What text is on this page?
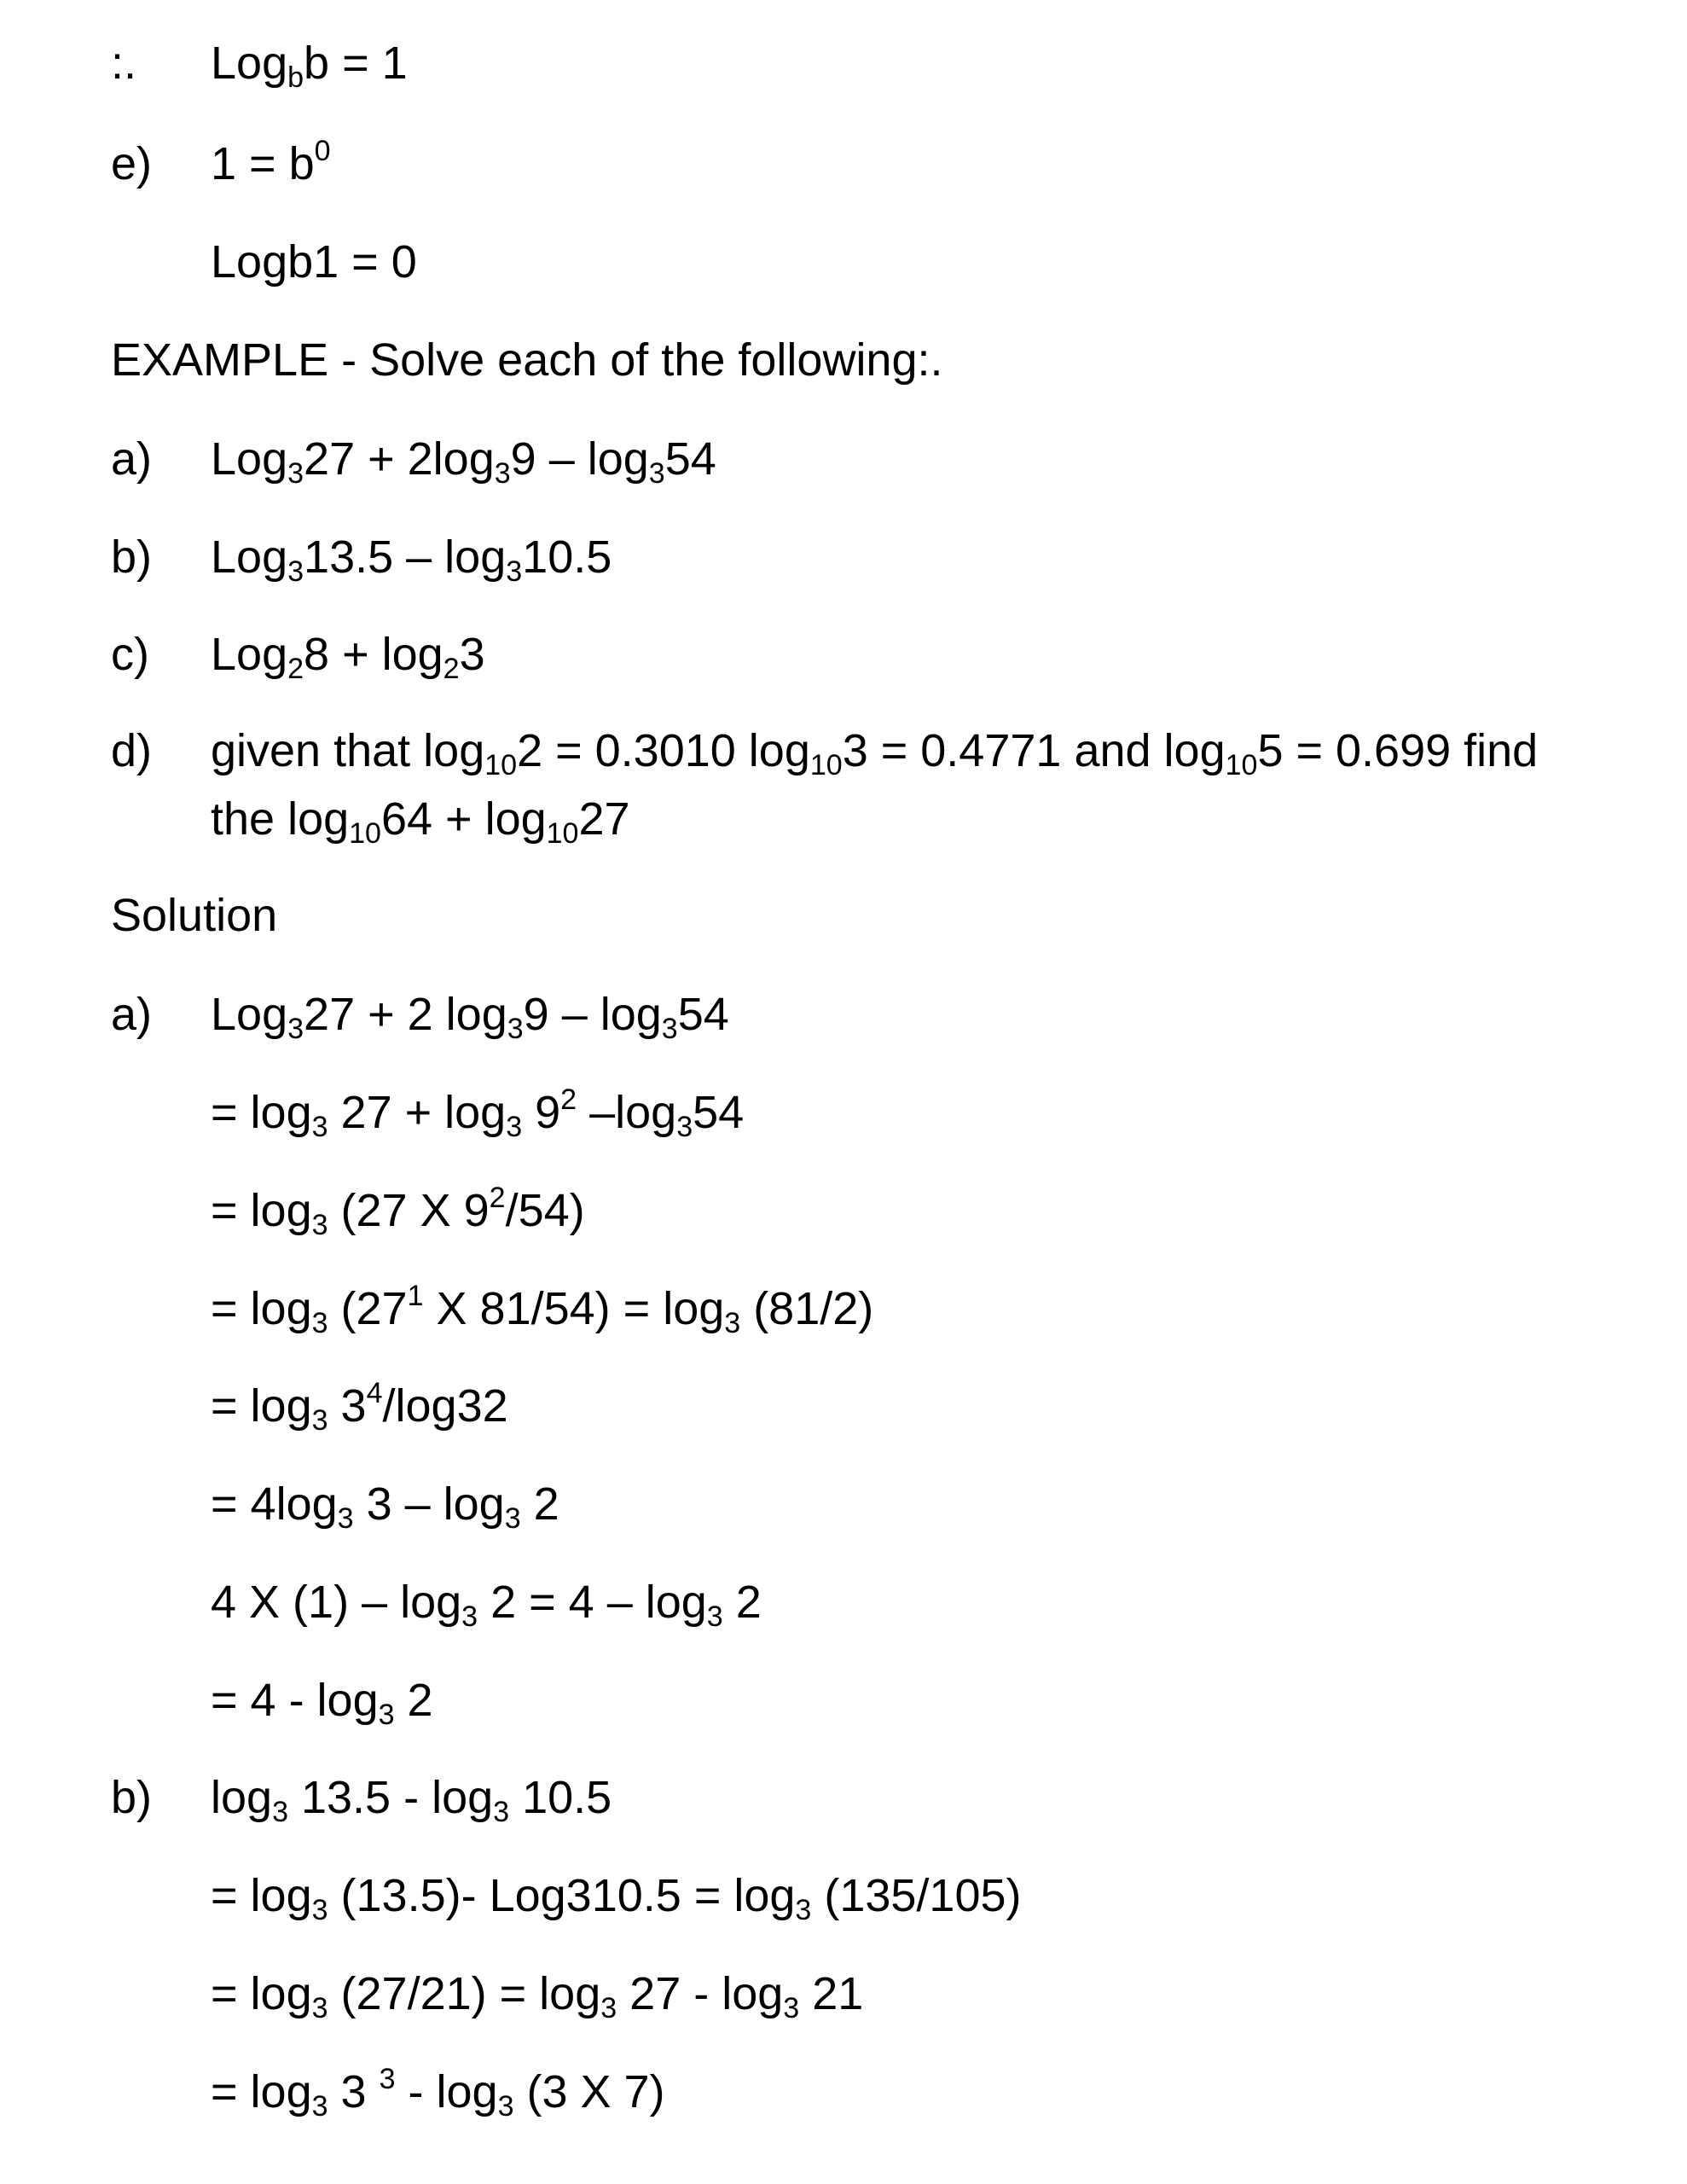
:. Log$_b$b = 1
e) $1 = b^0$
Logb1 = 0
EXAMPLE - Solve each of the following:.
a) $Log_327 + 2\log_39 - \log_354$
b) $Log_313.5 - \log_310.5$
c) $Log_28 + \log_23$
d) given that $\log_{10}2 = 0.3010$ $\log_{10}3 = 0.4771$ and $\log_{10}5 = 0.699$ find the $\log_{10}64 + \log_{10}27$
Solution
a) Log$_3$27 + 2 $\log_39 - \log_354$
= $\log_3 27 + \log_3 9^2$ $-\log_354$
= $\log_3 (27$ X $9^2/54$)
= $\log_3 (27^1$ X $81/54) = \log_3 (81/2)$
= $\log_3 3^4/\log 32$
= $4\log_3$ $3 - \log_3 2$
4 X $(1) - \log_3 2 = 4 - \log_3 2$
= $4 - \log_3 2$
b) $\log_3 13.5 - \log_3 10.5$
= $\log_3 (13.5)-$ $Log310.5 = \log_3 (135/105)$
= $\log_3 (27/21) = \log_3 27 - \log_3 21$
= $\log_3 3$ $^3 - \log_3 (3$ X 7)
